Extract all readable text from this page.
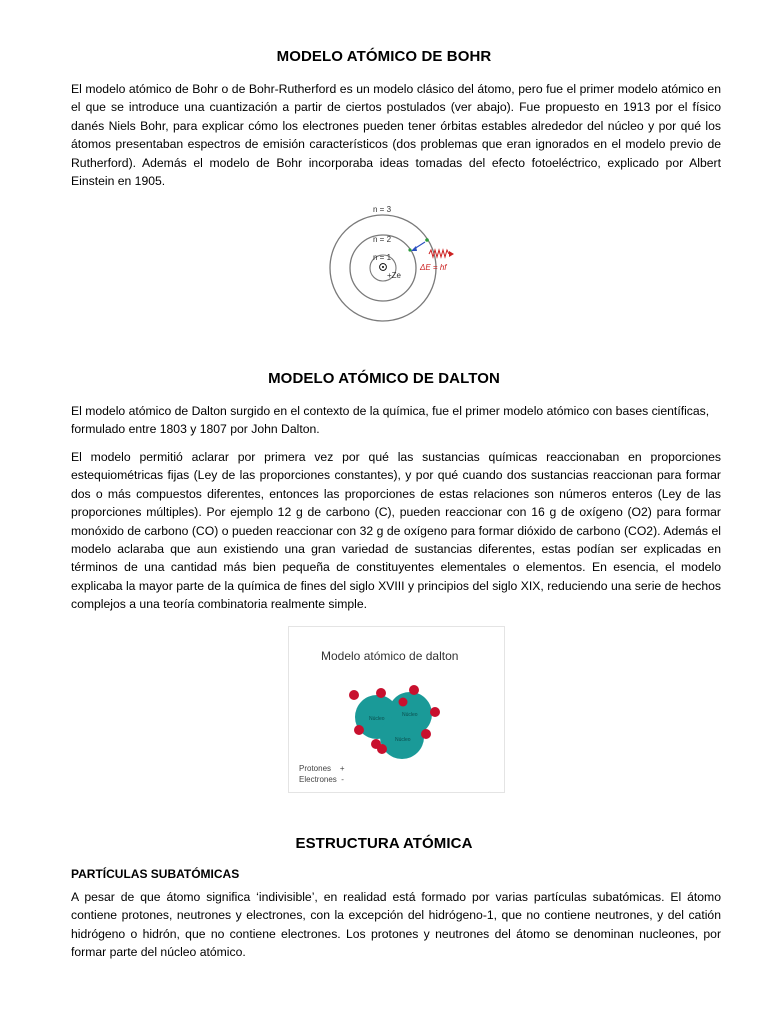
MODELO ATÓMICO DE BOHR

El modelo atómico de Bohr o de Bohr-Rutherford es un modelo clásico del átomo, pero fue el primer modelo atómico en el que se introduce una cuantización a partir de ciertos postulados (ver abajo). Fue propuesto en 1913 por el físico danés Niels Bohr, para explicar cómo los electrones pueden tener órbitas estables alrededor del núcleo y por qué los átomos presentaban espectros de emisión característicos (dos problemas que eran ignorados en el modelo previo de Rutherford). Además el modelo de Bohr incorporaba ideas tomadas del efecto fotoeléctrico, explicado por Albert Einstein en 1905.

n = 3
n = 2
n = 1
+Ze
ΔE = hf
MODELO ATÓMICO DE DALTON

El modelo atómico de Dalton surgido en el contexto de la química, fue el primer modelo atómico con bases científicas, formulado entre 1803 y 1807 por John Dalton.

El modelo permitió aclarar por primera vez por qué las sustancias químicas reaccionaban en proporciones estequiométricas fijas (Ley de las proporciones constantes), y por qué cuando dos sustancias reaccionan para formar dos o más compuestos diferentes, entonces las proporciones de estas relaciones son números enteros (Ley de las proporciones múltiples). Por ejemplo 12 g de carbono (C), pueden reaccionar con 16 g de oxígeno (O2) para formar monóxido de carbono (CO) o pueden reaccionar con 32 g de oxígeno para formar dióxido de carbono (CO2). Además el modelo aclaraba que aun existiendo una gran variedad de sustancias diferentes, estas podían ser explicadas en términos de una cantidad más bien pequeña de constituyentes elementales o elementos. En esencia, el modelo explicaba la mayor parte de la química de fines del siglo XVIII y principios del siglo XIX, reduciendo una serie de hechos complejos a una teoría combinatoria realmente simple.

Modelo atómico de dalton
Núcleo
Núcleo
Núcleo
Protones    +
Electrones  -
ESTRUCTURA ATÓMICA
PARTÍCULAS SUBATÓMICAS

A pesar de que átomo significa ‘indivisible’, en realidad está formado por varias partículas subatómicas. El átomo contiene protones, neutrones y electrones, con la excepción del hidrógeno-1, que no contiene neutrones, y del catión hidrógeno o hidrón, que no contiene electrones. Los protones y neutrones del átomo se denominan nucleones, por formar parte del núcleo atómico.
